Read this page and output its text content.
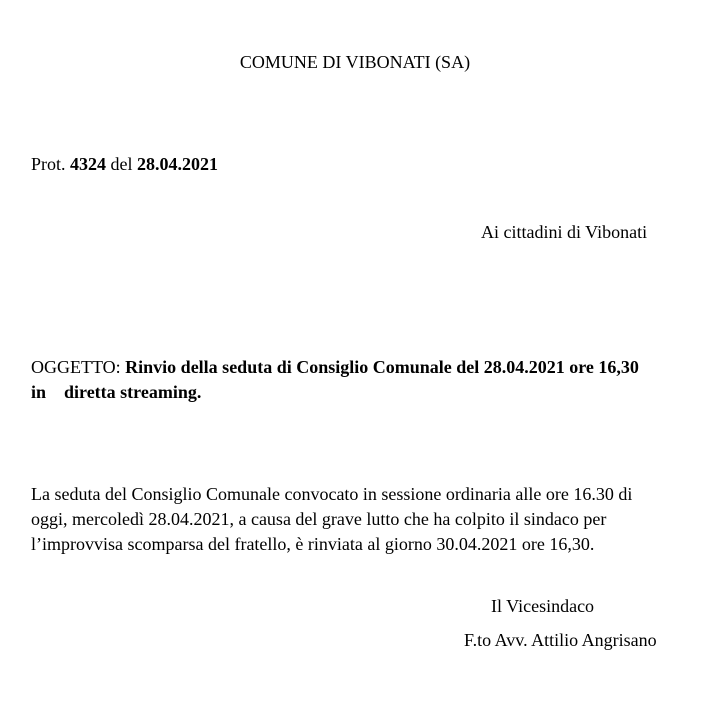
COMUNE DI VIBONATI (SA)
Prot. 4324 del 28.04.2021
Ai cittadini di Vibonati
OGGETTO: Rinvio della seduta di Consiglio Comunale del 28.04.2021 ore 16,30
in diretta streaming.
La seduta del Consiglio Comunale convocato in sessione ordinaria alle ore 16.30 di
oggi, mercoledì 28.04.2021, a causa del grave lutto che ha colpito il sindaco per
l’improvvisa scomparsa del fratello, è rinviata al giorno 30.04.2021 ore 16,30.
Il Vicesindaco
F.to Avv. Attilio Angrisano
